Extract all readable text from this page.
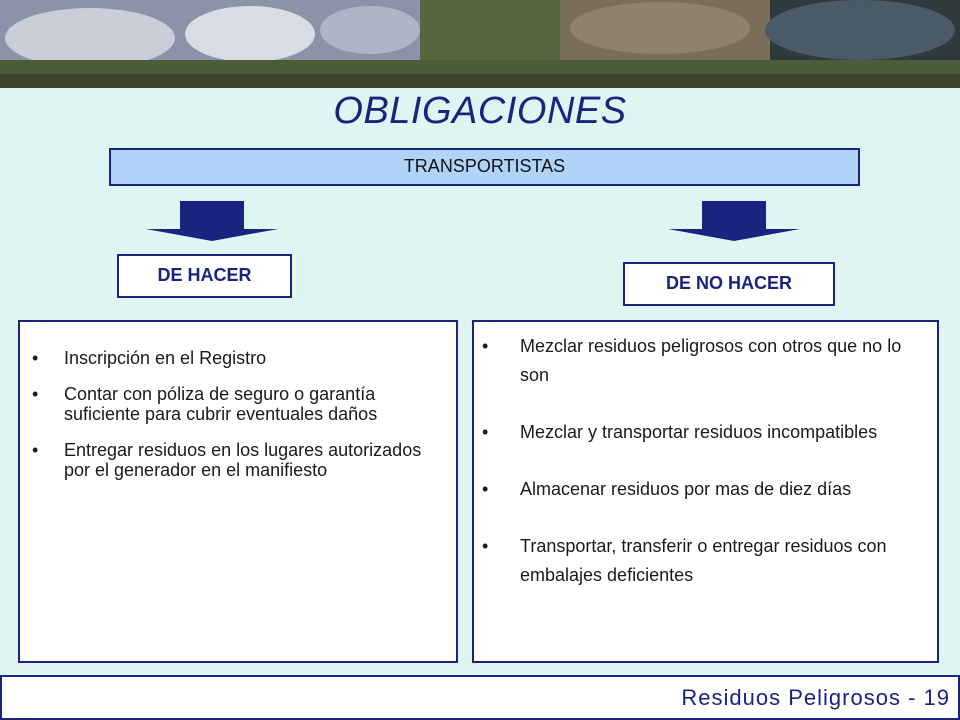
OBLIGACIONES
TRANSPORTISTAS
DE HACER	DE NO HACER
• Inscripción en el Registro
• Contar con póliza de seguro o garantía suficiente para cubrir eventuales daños
• Entregar residuos en los lugares autorizados por el generador en el manifiesto
• Mezclar residuos peligrosos con otros que no lo son
• Mezclar y transportar residuos incompatibles
• Almacenar residuos por mas de diez días
• Transportar, transferir o entregar residuos con embalajes deficientes
Residuos Peligrosos - 19
